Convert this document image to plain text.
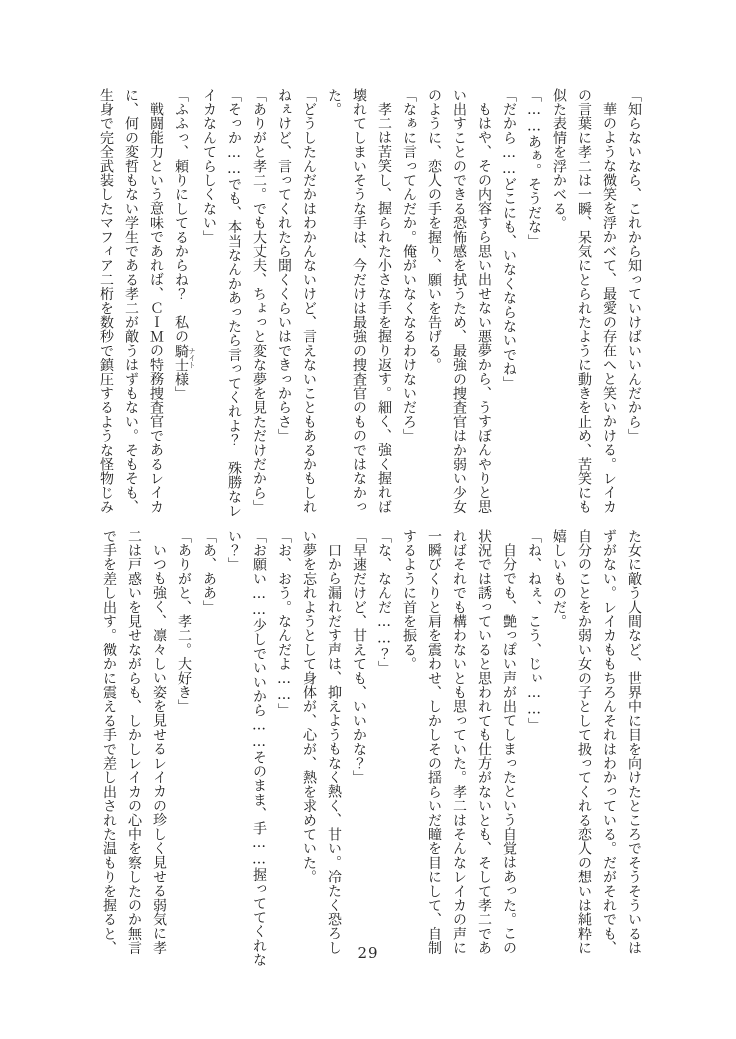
「知らないなら、これから知っていけばいいんだから」
華のような微笑を浮かべて、最愛の存在へと笑いかける。レイカ
の言葉に孝二は一瞬、呆気にとられたように動きを止め、苦笑にも
似た表情を浮かべる。
「……あぁ。そうだな」
「だから……どこにも、いなくならないでね」
もはや、その内容すら思い出せない悪夢から、うすぼんやりと思
い出すことのできる恐怖感を拭うため、最強の捜査官はか弱い少女
のように、恋人の手を握り、願いを告げる。
「なぁに言ってんだか。俺がいなくなるわけないだろ」
孝二は苦笑し、握られた小さな手を握り返す。細く、強く握れば
壊れてしまいそうな手は、今だけは最強の捜査官のものではなかっ
た。
「どうしたんだかはわかんないけど、言えないこともあるかもしれ
ねぇけど、言ってくれたら聞くくらいはできっからさ」
「ありがと孝二。でも大丈夫、ちょっと変な夢を見ただけだから」
「そっか……でも、本当なんかあったら言ってくれよ？　殊勝なレ
イカなんてらしくない」
「ふふっ、頼りにしてるからね？　私の騎士 ナイト様」
戦闘能力という意味であれば、ＣＩＭの特務捜査官であるレイカ
に、何の変哲もない学生である孝二が敵うはずもない。そもそも、
生身で完全武装したマフィア二桁を数秒で鎮圧するような怪物じみ
た女に敵う人間など、世界中に目を向けたところでそうそういるは
ずがない。レイカももちろんそれはわかっている。だがそれでも、
自分のことをか弱い女の子として扱ってくれる恋人の想いは純粋に
嬉しいものだ。
「ね、ねぇ、こう、じぃ……」
自分でも、艶っぽい声が出てしまったという自覚はあった。この
状況では誘っていると思われても仕方がないとも、そして孝二であ
ればそれでも構わないとも思っていた。孝二はそんなレイカの声に
一瞬びくりと肩を震わせ、しかしその揺らいだ瞳を目にして、自制
するように首を振る。
「な、なんだ……？」
「早速だけど、甘えても、いいかな？」
口から漏れだす声は、抑えようもなく熱く、甘い。冷たく恐ろし
い夢を忘れようとして身体が、心が、熱を求めていた。
「お、おう。なんだよ……」
「お願い……少しでいいから……そのまま、手……握っててくれな
い？」
「あ、ああ」
「ありがと、孝二。大好き」
いつも強く、凛々しい姿を見せるレイカの珍しく見せる弱気に孝
二は戸惑いを見せながらも、しかしレイカの心中を察したのか無言
で手を差し出す。微かに震える手で差し出された温もりを握ると、	29
